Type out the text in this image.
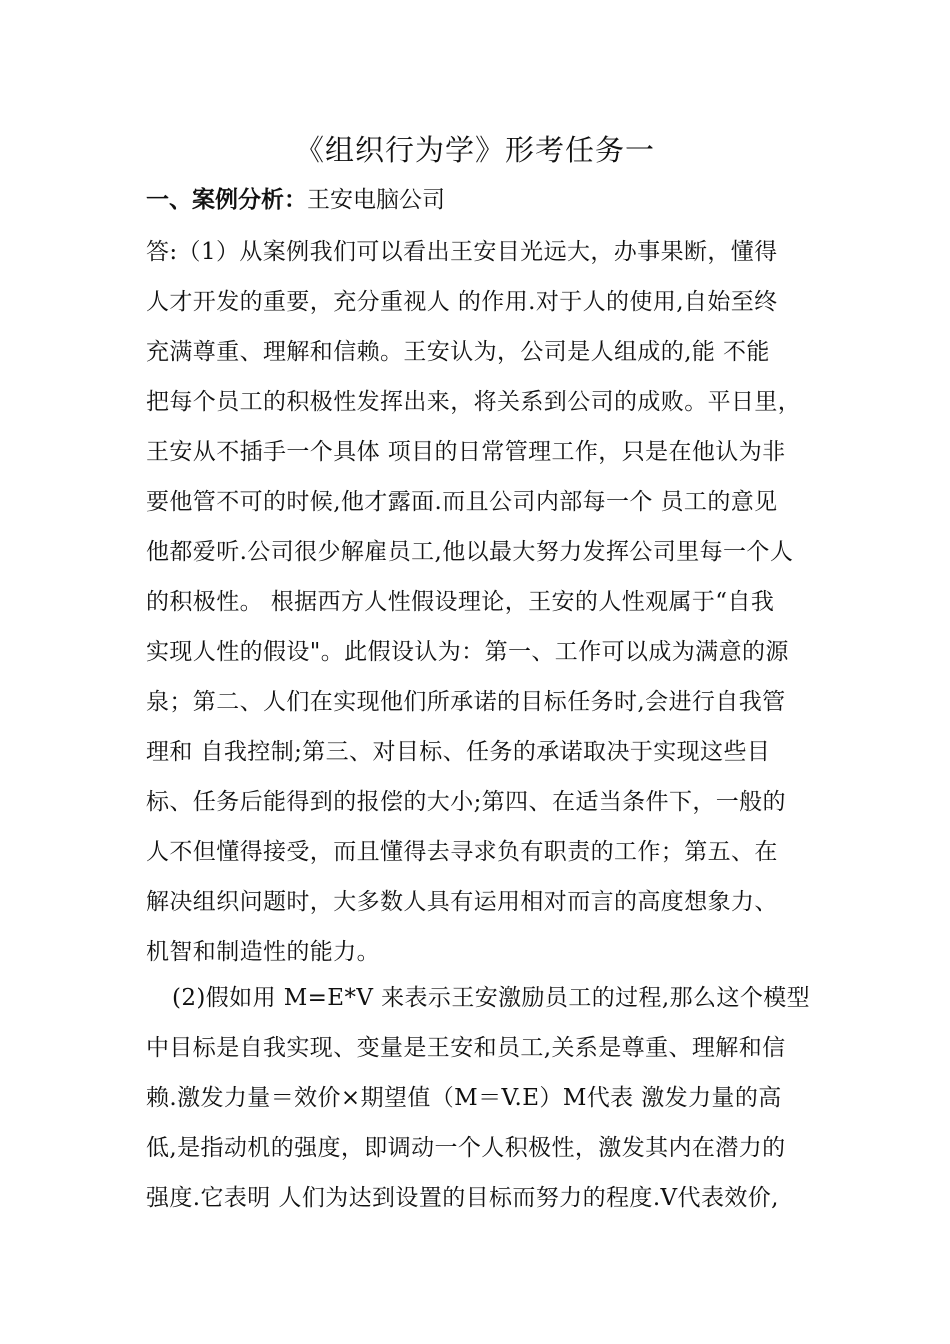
《组织行为学》形考任务一
一、案例分析：王安电脑公司
答:（1）从案例我们可以看出王安目光远大，办事果断，懂得
人才开发的重要，充分重视人 的作用.对于人的使用,自始至终
充满尊重、理解和信赖。王安认为，公司是人组成的,能 不能
把每个员工的积极性发挥出来，将关系到公司的成败。平日里，
王安从不插手一个具体 项目的日常管理工作，只是在他认为非
要他管不可的时候,他才露面.而且公司内部每一个 员工的意见
他都爱听.公司很少解雇员工,他以最大努力发挥公司里每一个人
的积极性。 根据西方人性假设理论，王安的人性观属于“自我
实现人性的假设"。此假设认为：第一、工作可以成为满意的源
泉；第二、人们在实现他们所承诺的目标任务时,会进行自我管
理和 自我控制;第三、对目标、任务的承诺取决于实现这些目
标、任务后能得到的报偿的大小;第四、在适当条件下，一般的
人不但懂得接受，而且懂得去寻求负有职责的工作；第五、在
解决组织问题时，大多数人具有运用相对而言的高度想象力、
机智和制造性的能力。
(2)假如用 M=E*V 来表示王安激励员工的过程,那么这个模型
中目标是自我实现、变量是王安和员工,关系是尊重、理解和信
赖.激发力量＝效价×期望值（M＝V.E）M代表 激发力量的高
低,是指动机的强度，即调动一个人积极性，激发其内在潜力的
强度.它表明 人们为达到设置的目标而努力的程度.V代表效价,
